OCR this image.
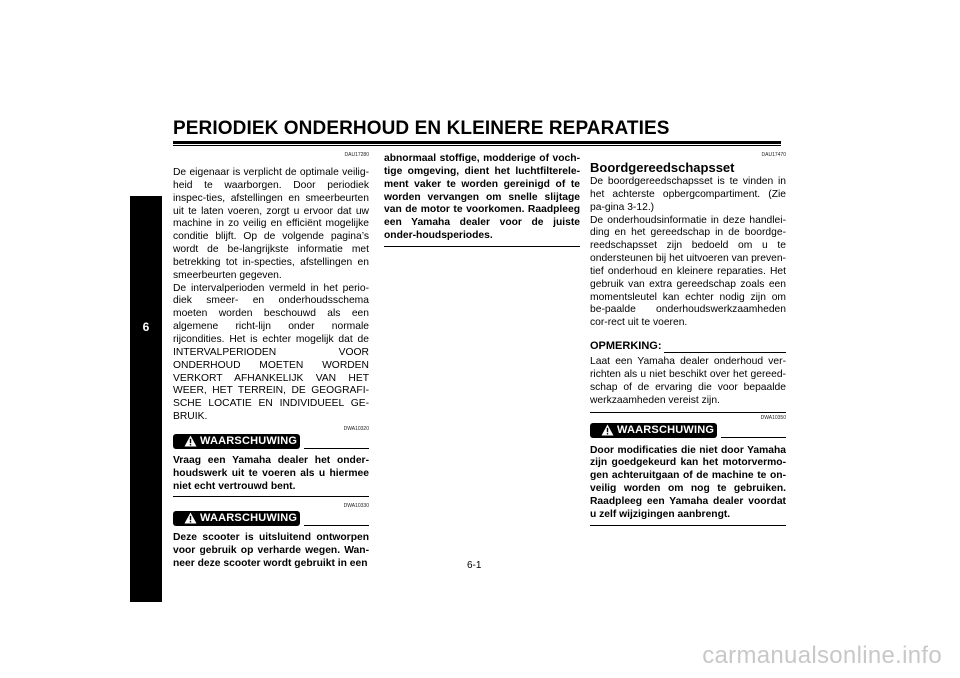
PERIODIEK ONDERHOUD EN KLEINERE REPARATIES
6
DAU17280
De eigenaar is verplicht de optimale veilig-heid te waarborgen. Door periodiek inspec-ties, afstellingen en smeerbeurten uit te laten voeren, zorgt u ervoor dat uw machine in zo veilig en efficiënt mogelijke conditie blijft. Op de volgende pagina’s wordt de be-langrijkste informatie met betrekking tot in-specties, afstellingen en smeerbeurten gegeven.
De intervalperioden vermeld in het perio-diek smeer- en onderhoudsschema moeten worden beschouwd als een algemene richt-lijn onder normale rijcondities. Het is echter mogelijk dat de INTERVALPERIODEN VOOR ONDERHOUD MOETEN WORDEN VERKORT AFHANKELIJK VAN HET WEER, HET TERREIN, DE GEOGRAFI-SCHE LOCATIE EN INDIVIDUEEL GE-BRUIK.
DWA10320
WAARSCHUWING
Vraag een Yamaha dealer het onder-houdswerk uit te voeren als u hiermee niet echt vertrouwd bent.
DWA10330
WAARSCHUWING
Deze scooter is uitsluitend ontworpen voor gebruik op verharde wegen. Wan-neer deze scooter wordt gebruikt in een
abnormaal stoffige, modderige of voch-tige omgeving, dient het luchtfilterele-ment vaker te worden gereinigd of te worden vervangen om snelle slijtage van de motor te voorkomen. Raadpleeg een Yamaha dealer voor de juiste onder-houdsperiodes.
DAU17470
Boordgereedschapsset
De boordgereedschapsset is te vinden in het achterste opbergcompartiment. (Zie pa-gina 3-12.)
De onderhoudsinformatie in deze handlei-ding en het gereedschap in de boordge-reedschapsset zijn bedoeld om u te ondersteunen bij het uitvoeren van preven-tief onderhoud en kleinere reparaties. Het gebruik van extra gereedschap zoals een momentsleutel kan echter nodig zijn om be-paalde onderhoudswerkzaamheden cor-rect uit te voeren.
OPMERKING:
Laat een Yamaha dealer onderhoud ver-richten als u niet beschikt over het gereed-schap of de ervaring die voor bepaalde werkzaamheden vereist zijn.
DWA10350
WAARSCHUWING
Door modificaties die niet door Yamaha zijn goedgekeurd kan het motorvermo-gen achteruitgaan of de machine te on-veilig worden om nog te gebruiken. Raadpleeg een Yamaha dealer voordat u zelf wijzigingen aanbrengt.
6-1
carmanualsonline.info
